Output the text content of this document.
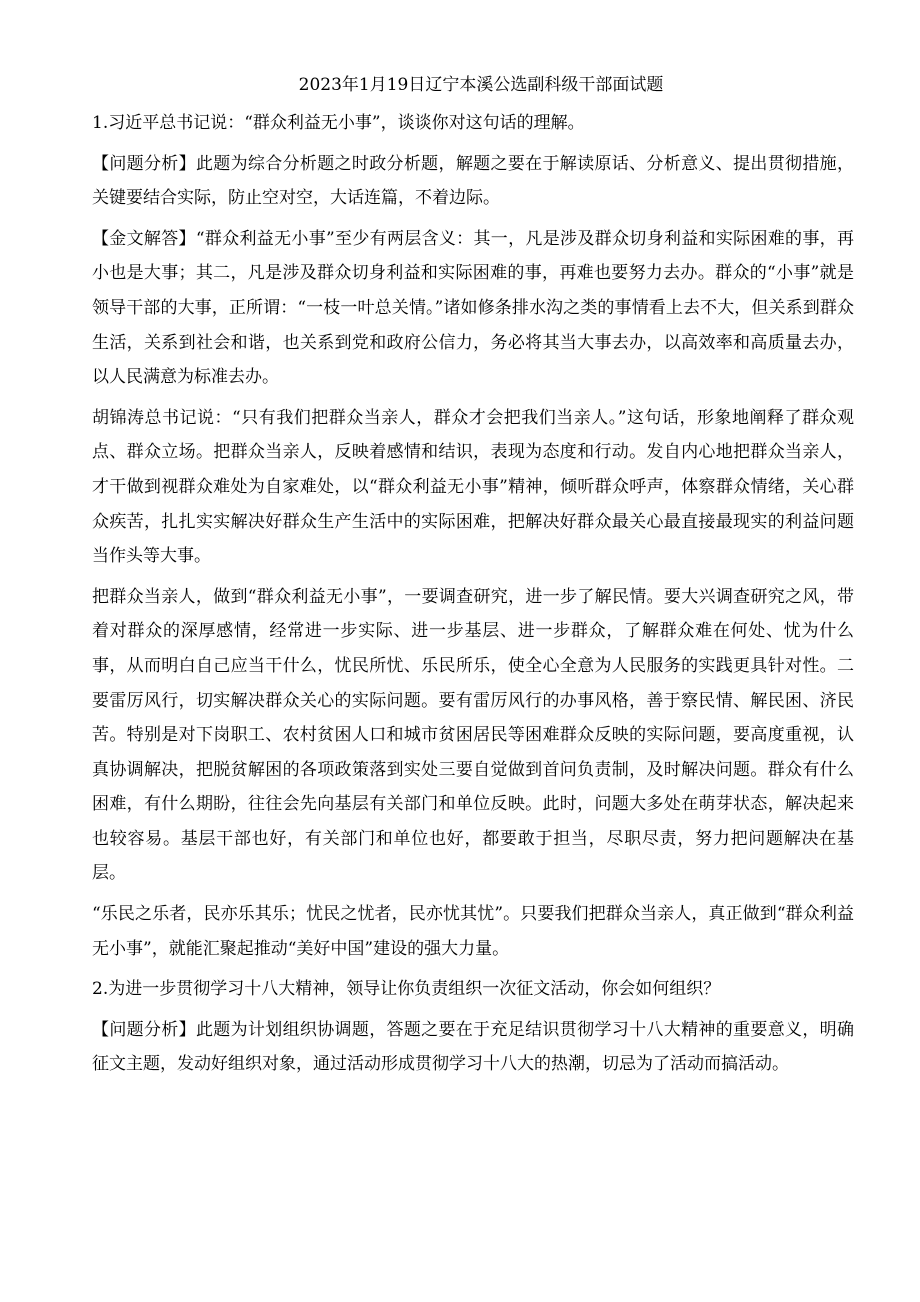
2023年1月19日辽宁本溪公选副科级干部面试题
1.习近平总书记说：“群众利益无小事”，谈谈你对这句话的理解。
【问题分析】此题为综合分析题之时政分析题，解题之要在于解读原话、分析意义、提出贯彻措施，关键要结合实际，防止空对空，大话连篇，不着边际。
【金文解答】“群众利益无小事”至少有两层含义：其一，凡是涉及群众切身利益和实际困难的事，再小也是大事；其二，凡是涉及群众切身利益和实际困难的事，再难也要努力去办。群众的“小事”就是领导干部的大事，正所谓：“一枝一叶总关情。”诸如修条排水沟之类的事情看上去不大，但关系到群众生活，关系到社会和谐，也关系到党和政府公信力，务必将其当大事去办，以高效率和高质量去办，以人民满意为标准去办。
胡锦涛总书记说：“只有我们把群众当亲人，群众才会把我们当亲人。”这句话，形象地阐释了群众观点、群众立场。把群众当亲人，反映着感情和结识，表现为态度和行动。发自内心地把群众当亲人，才干做到视群众难处为自家难处，以“群众利益无小事”精神，倾听群众呼声，体察群众情绪，关心群众疾苦，扎扎实实解决好群众生产生活中的实际困难，把解决好群众最关心最直接最现实的利益问题当作头等大事。
把群众当亲人，做到“群众利益无小事”，一要调查研究，进一步了解民情。要大兴调查研究之风，带着对群众的深厚感情，经常进一步实际、进一步基层、进一步群众，了解群众难在何处、忧为什么事，从而明白自己应当干什么，忧民所忧、乐民所乐，使全心全意为人民服务的实践更具针对性。二要雷厉风行，切实解决群众关心的实际问题。要有雷厉风行的办事风格，善于察民情、解民困、济民苦。特别是对下岗职工、农村贫困人口和城市贫困居民等困难群众反映的实际问题，要高度重视，认真协调解决，把脱贫解困的各项政策落到实处三要自觉做到首问负责制，及时解决问题。群众有什么困难，有什么期盼，往往会先向基层有关部门和单位反映。此时，问题大多处在萌芽状态，解决起来也较容易。基层干部也好，有关部门和单位也好，都要敢于担当，尽职尽责，努力把问题解决在基层。
“乐民之乐者，民亦乐其乐；忧民之忧者，民亦忧其忧”。只要我们把群众当亲人，真正做到“群众利益无小事”，就能汇聚起推动“美好中国”建设的强大力量。
2.为进一步贯彻学习十八大精神，领导让你负责组织一次征文活动，你会如何组织？
【问题分析】此题为计划组织协调题，答题之要在于充足结识贯彻学习十八大精神的重要意义，明确征文主题，发动好组织对象，通过活动形成贯彻学习十八大的热潮，切忌为了活动而搞活动。
